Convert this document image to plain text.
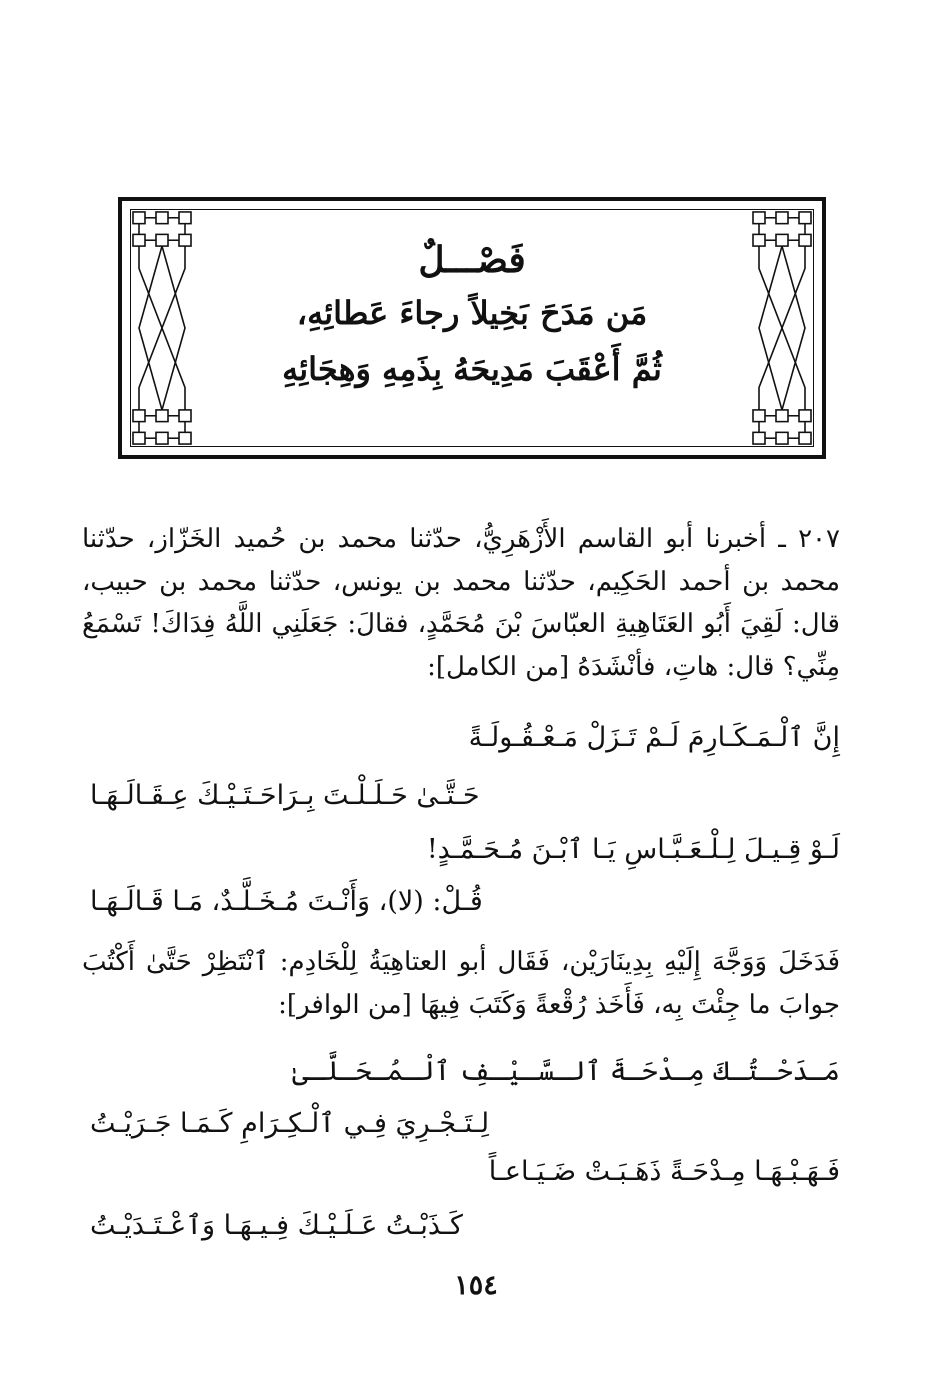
فَصْـــلٌ
مَن مَدَحَ بَخِيلاً رجاءَ عَطائِهِ،
ثُمَّ أَعْقَبَ مَدِيحَهُ بِذَمِهِ وَهِجَائِهِ

٢٠٧ ـ أخبرنا أبو القاسم الأَزْهَرِيُّ، حدّثنا محمد بن حُميد الخَزّاز، حدّثنا محمد بن أحمد الحَكِيم، حدّثنا محمد بن يونس، حدّثنا محمد بن حبيب، قال: لَقِيَ أَبُو العَتَاهِيةِ العبّاسَ بْنَ مُحَمَّدٍ، فقالَ: جَعَلَنِي اللَّهُ فِدَاكَ! تَسْمَعُ مِنِّي؟ قال: هاتِ، فأنْشَدَهُ [من الكامل]:

إِنَّ ٱلْـمَـكَـارِمَ لَـمْ تَـزَلْ مَـعْـقُـولَـةً
حَـتَّـىٰ حَـلَـلْـتَ بِـرَاحَـتَـيْـكَ عِـقَـالَـهَـا
لَـوْ قِـيـلَ لِـلْـعَـبَّـاسِ يَـا ٱبْـنَ مُـحَـمَّـدٍ!
قُـلْ: (لا)، وَأَنْـتَ مُـخَـلَّـدٌ، مَـا قَـالَـهَـا

فَدَخَلَ وَوَجَّهَ إِلَيْهِ بِدِينَارَيْن، فَقَال أبو العتاهِيَةُ لِلْخَادِم: ٱنْتَظِرْ حَتَّىٰ أَكْتُبَ جوابَ ما جِئْتَ بِه، فَأَخَذ رُقْعةً وَكَتَبَ فِيهَا [من الوافر]:

مَـدَحْـتُـكَ مِـدْحَـةَ ٱلـسَّـيْـفِ ٱلْـمُـحَـلَّـىٰ
لِـتَـجْـرِيَ فِـي ٱلْـكِـرَامِ كَـمَـا جَـرَيْـتُ
فَـهَـبْـهَـا مِـدْحَـةً ذَهَـبَـتْ ضَـيَـاعـاً
كَـذَبْـتُ عَـلَـيْـكَ فِـيـهَـا وَٱعْـتَـدَيْـتُ
١٥٤
